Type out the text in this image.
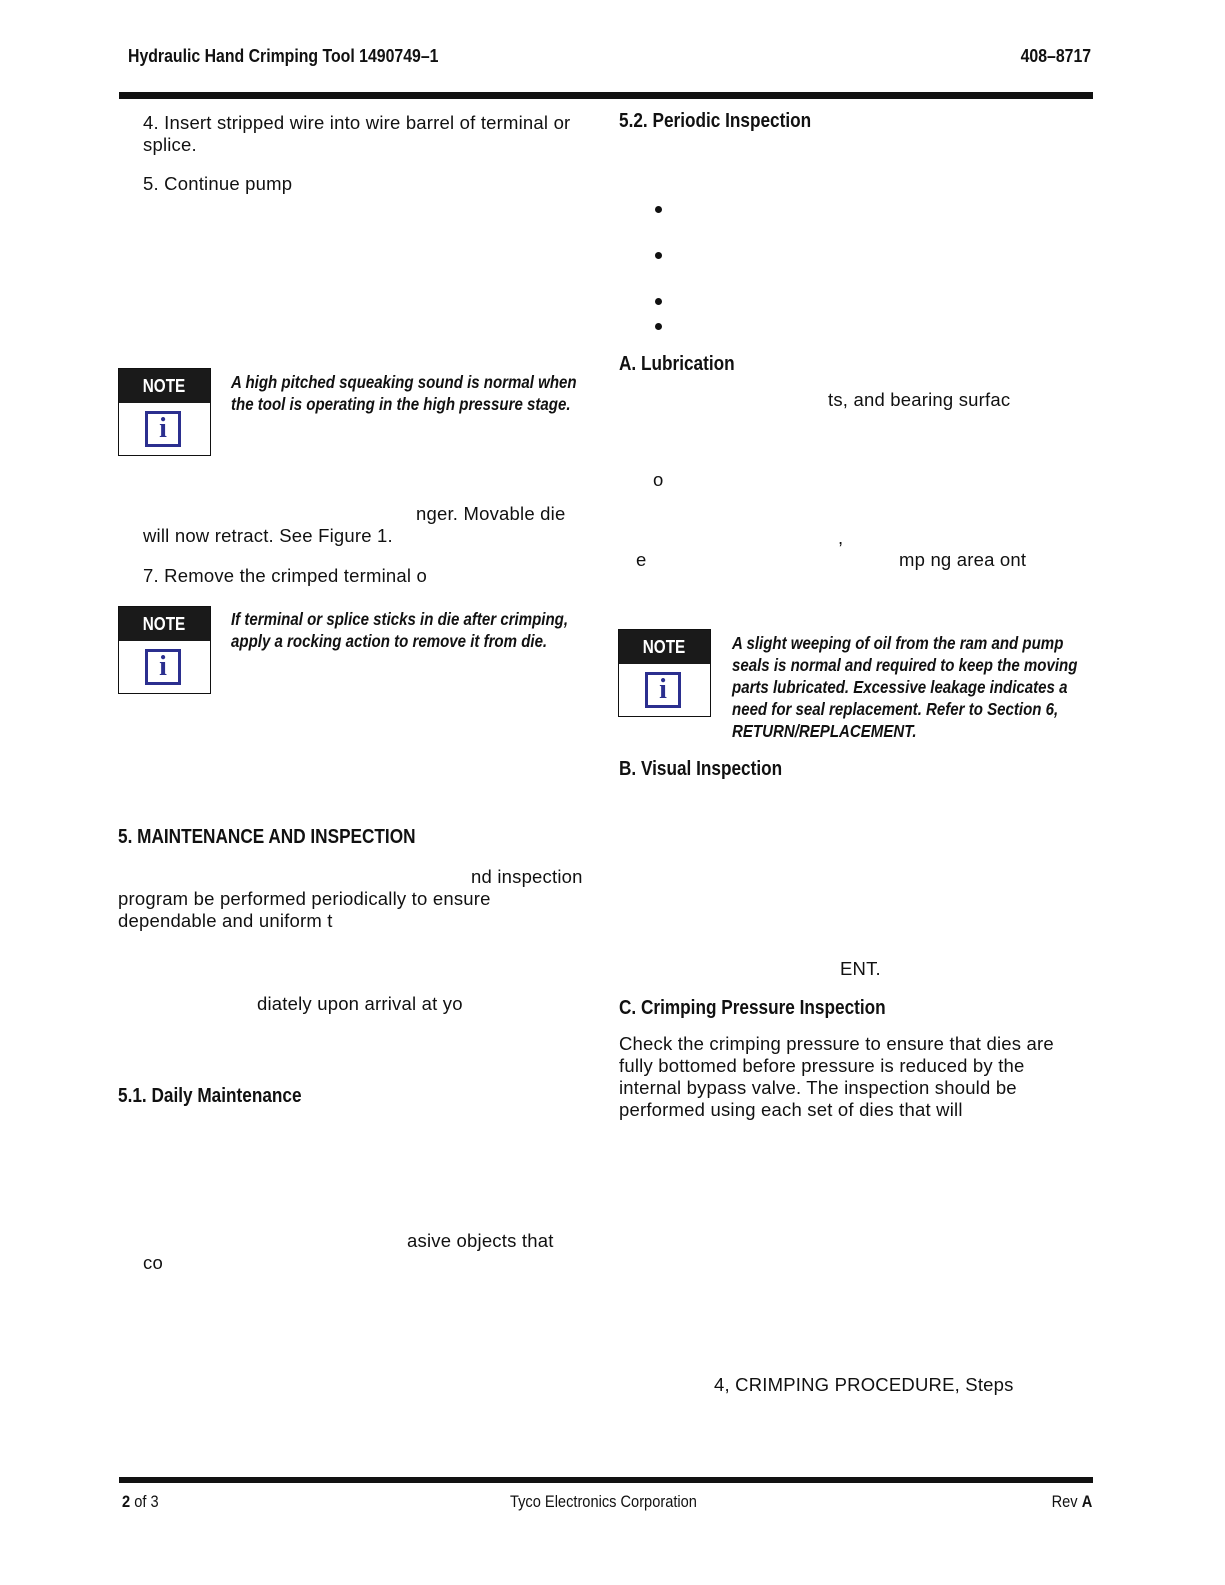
Hydraulic Hand Crimping Tool 1490749–1	408–8717
4. Insert stripped wire into wire barrel of terminal or
splice.
5. Continue pump
NOTE
i
A high pitched squeaking sound is normal when
the tool is operating in the high pressure stage.
nger. Movable die
will now retract. See Figure 1.
7. Remove the crimped terminal o
NOTE
i
If terminal or splice sticks in die after crimping,
apply a rocking action to remove it from die.
5. MAINTENANCE AND INSPECTION
nd inspection
program be performed periodically to ensure
dependable and uniform t
diately upon arrival at yo
5.1. Daily Maintenance
asive objects that
co
5.2. Periodic Inspection
A. Lubrication
ts, and bearing surfac
o
,
e	mp ng area ont
NOTE
i
A slight weeping of oil from the ram and pump
seals is normal and required to keep the moving
parts lubricated. Excessive leakage indicates a
need for seal replacement. Refer to Section 6,
RETURN/REPLACEMENT.
B. Visual Inspection
ENT.
C. Crimping Pressure Inspection
Check the crimping pressure to ensure that dies are
fully bottomed before pressure is reduced by the
internal bypass valve. The inspection should be
performed using each set of dies that will
4, CRIMPING PROCEDURE, Steps
2 of 3	Tyco Electronics Corporation	Rev A
